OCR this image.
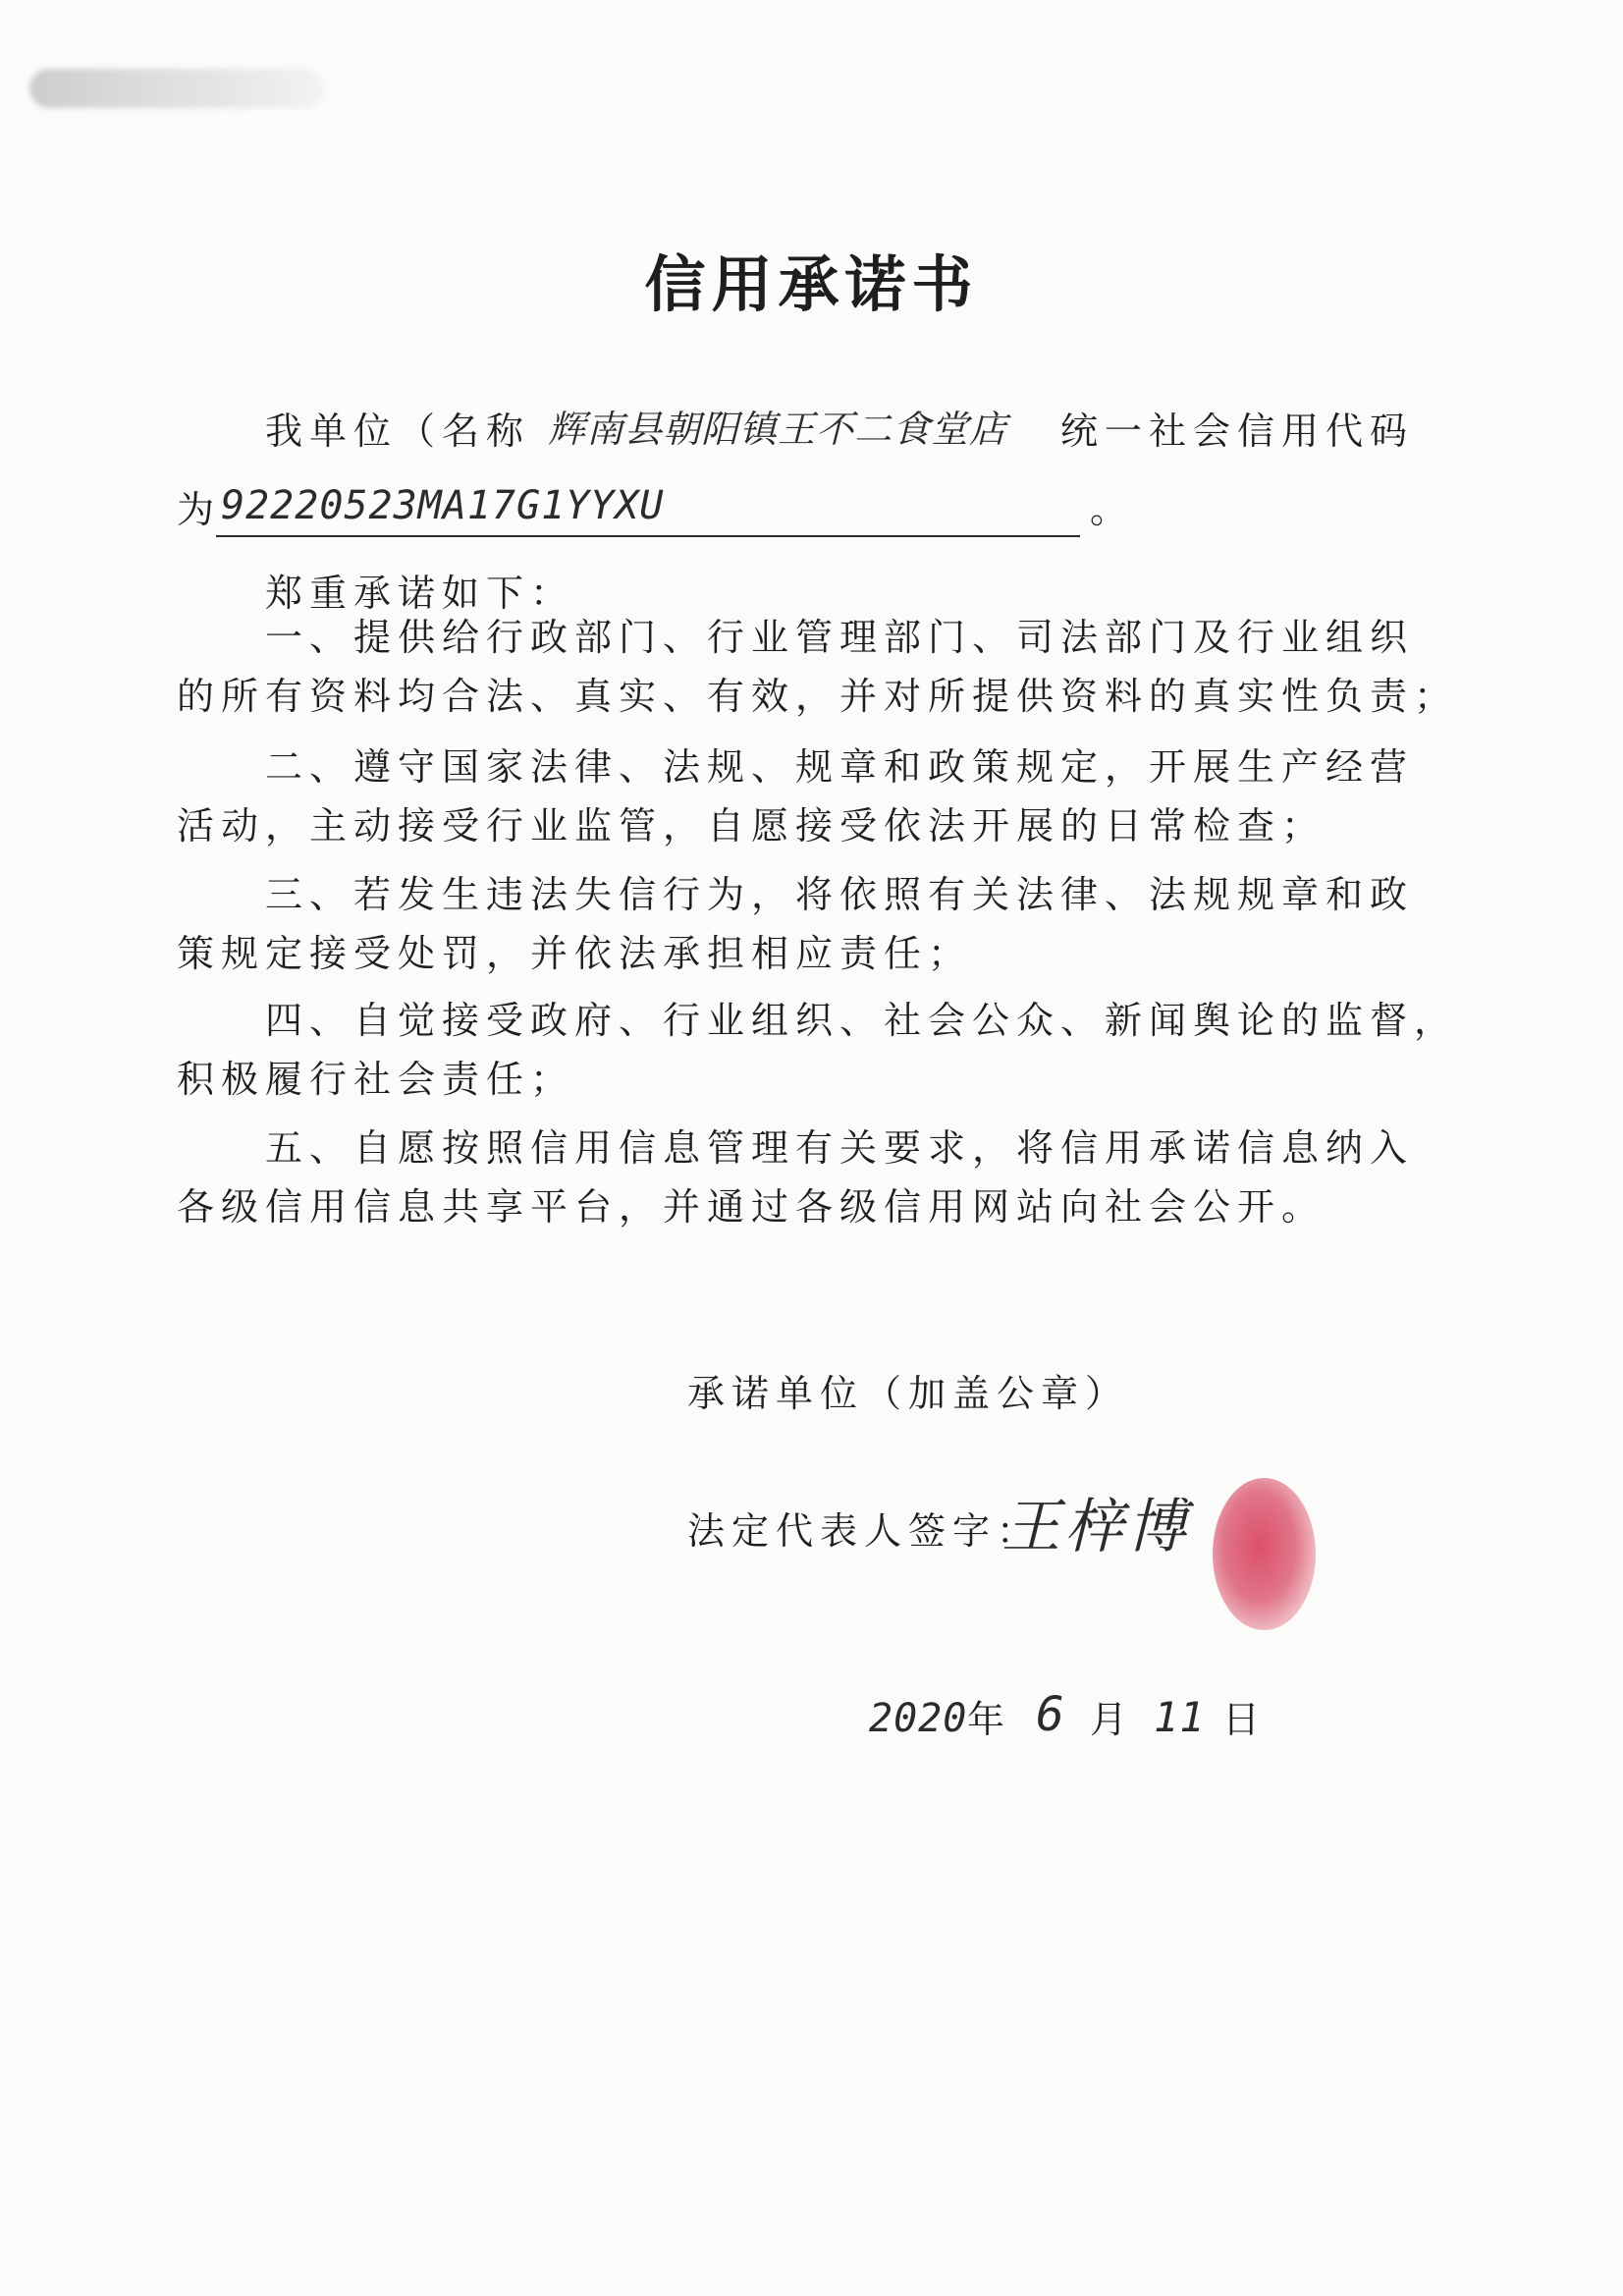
信用承诺书
我单位（名称 辉南县朝阳镇王不二食堂店 统一社会信用代码
为 92220523MA17G1YYXU	。
郑重承诺如下：
一、提供给行政部门、行业管理部门、司法部门及行业组织
的所有资料均合法、真实、有效，并对所提供资料的真实性负责；
二、遵守国家法律、法规、规章和政策规定，开展生产经营
活动，主动接受行业监管，自愿接受依法开展的日常检查；
三、若发生违法失信行为，将依照有关法律、法规规章和政
策规定接受处罚，并依法承担相应责任；
四、自觉接受政府、行业组织、社会公众、新闻舆论的监督，
积极履行社会责任；
五、自愿按照信用信息管理有关要求，将信用承诺信息纳入
各级信用信息共享平台，并通过各级信用网站向社会公开。
承诺单位（加盖公章）
法定代表人签字：
王梓博
2020 年 6 月 11 日
